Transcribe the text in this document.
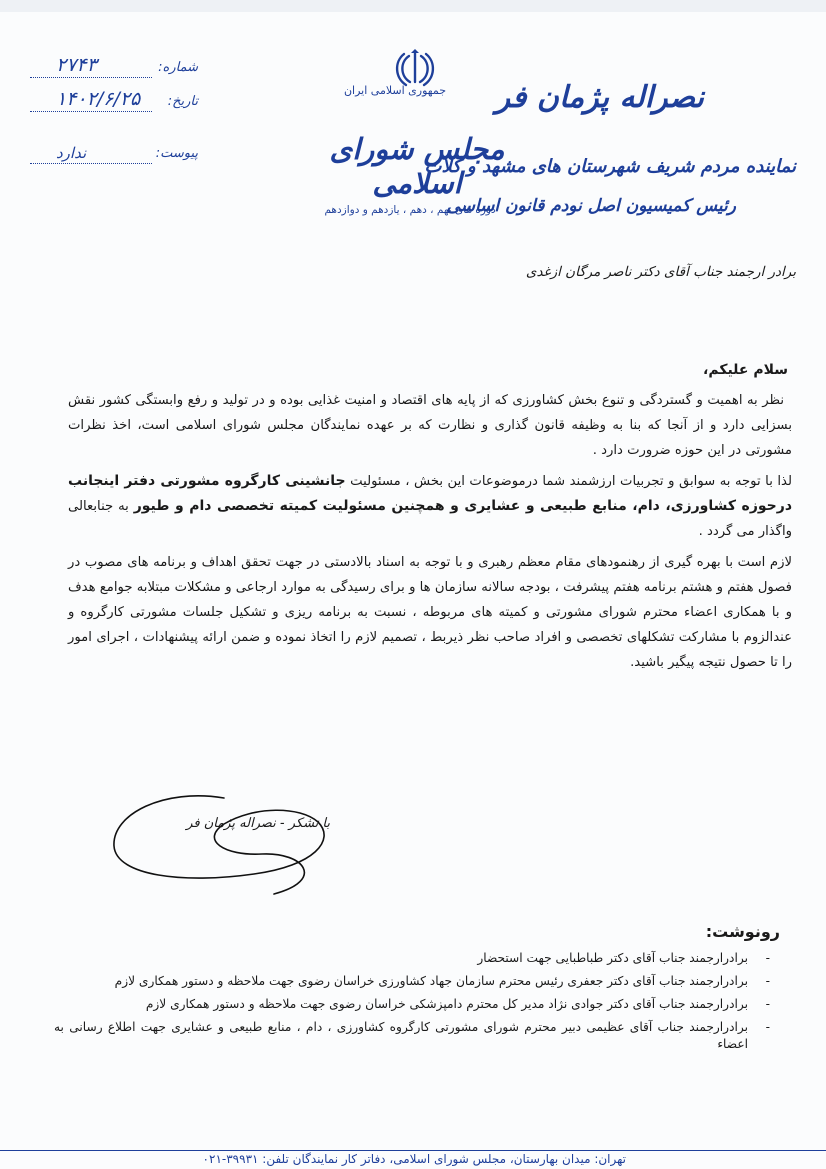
شماره:
۲۷۴۳
تاریخ:
۱۴۰۲/۶/۲۵
پیوست:
ندارد
جمهوری اسلامی ایران
مجلس شورای اسلامی
دوره های نهم ، دهم ، یازدهم و دوازدهم
نصراله پژمان فر
نماینده مردم شریف شهرستان های مشهد و کلات
رئیس کمیسیون اصل نودم قانون اساسی
برادر ارجمند جناب آقای دکتر ناصر مرگان ازغدی
سلام علیکم،

نظر به اهمیت و گستردگی و تنوع بخش کشاورزی که از پایه های اقتصاد و امنیت غذایی بوده و در تولید و رفع وابستگی کشور نقش بسزایی دارد و از آنجا که بنا به وظیفه قانون گذاری و نظارت که بر عهده نمایندگان مجلس شورای اسلامی است، اخذ نظرات مشورتی در این حوزه ضرورت دارد .

لذا با توجه به سوابق و تجربیات ارزشمند شما درموضوعات این بخش ، مسئولیت جانشینی کارگروه مشورتی دفتر اینجانب درحوزه کشاورزی، دام، منابع طبیعی و عشایری و همچنین مسئولیت کمیته تخصصی دام و طیور به جنابعالی واگذار می گردد .

لازم است با بهره گیری از رهنمودهای مقام معظم رهبری و با توجه به اسناد بالادستی در جهت تحقق اهداف و برنامه های مصوب در فصول هفتم و هشتم برنامه هفتم پیشرفت ، بودجه سالانه سازمان ها و برای رسیدگی به موارد ارجاعی و مشکلات مبتلابه جوامع هدف و با همکاری اعضاء محترم شورای مشورتی و کمیته های مربوطه ، نسبت به برنامه ریزی و تشکیل جلسات مشورتی کارگروه و عندالزوم با مشارکت تشکلهای تخصصی و افراد صاحب نظر ذیربط ، تصمیم لازم را اتخاذ نموده و ضمن ارائه پیشنهادات ، اجرای امور را تا حصول نتیجه پیگیر باشید.

با تشکر - نصراله پژمان فر
رونوشت:
-
برادرارجمند جناب آقای دکتر طباطبایی جهت استحضار
-
برادرارجمند جناب آقای دکتر جعفری رئیس محترم سازمان جهاد کشاورزی خراسان رضوی جهت ملاحظه و دستور همکاری لازم
-
برادرارجمند جناب آقای دکتر جوادی نژاد مدیر کل محترم دامپزشکی خراسان رضوی جهت ملاحظه و دستور همکاری لازم
-
برادرارجمند جناب آقای عظیمی دبیر محترم شورای مشورتی کارگروه کشاورزی ، دام ، منابع طبیعی و عشایری جهت اطلاع رسانی به اعضاء
تهران: میدان بهارستان، مجلس شورای اسلامی، دفاتر کار نمایندگان تلفن: ۳۹۹۳۱-۰۲۱
